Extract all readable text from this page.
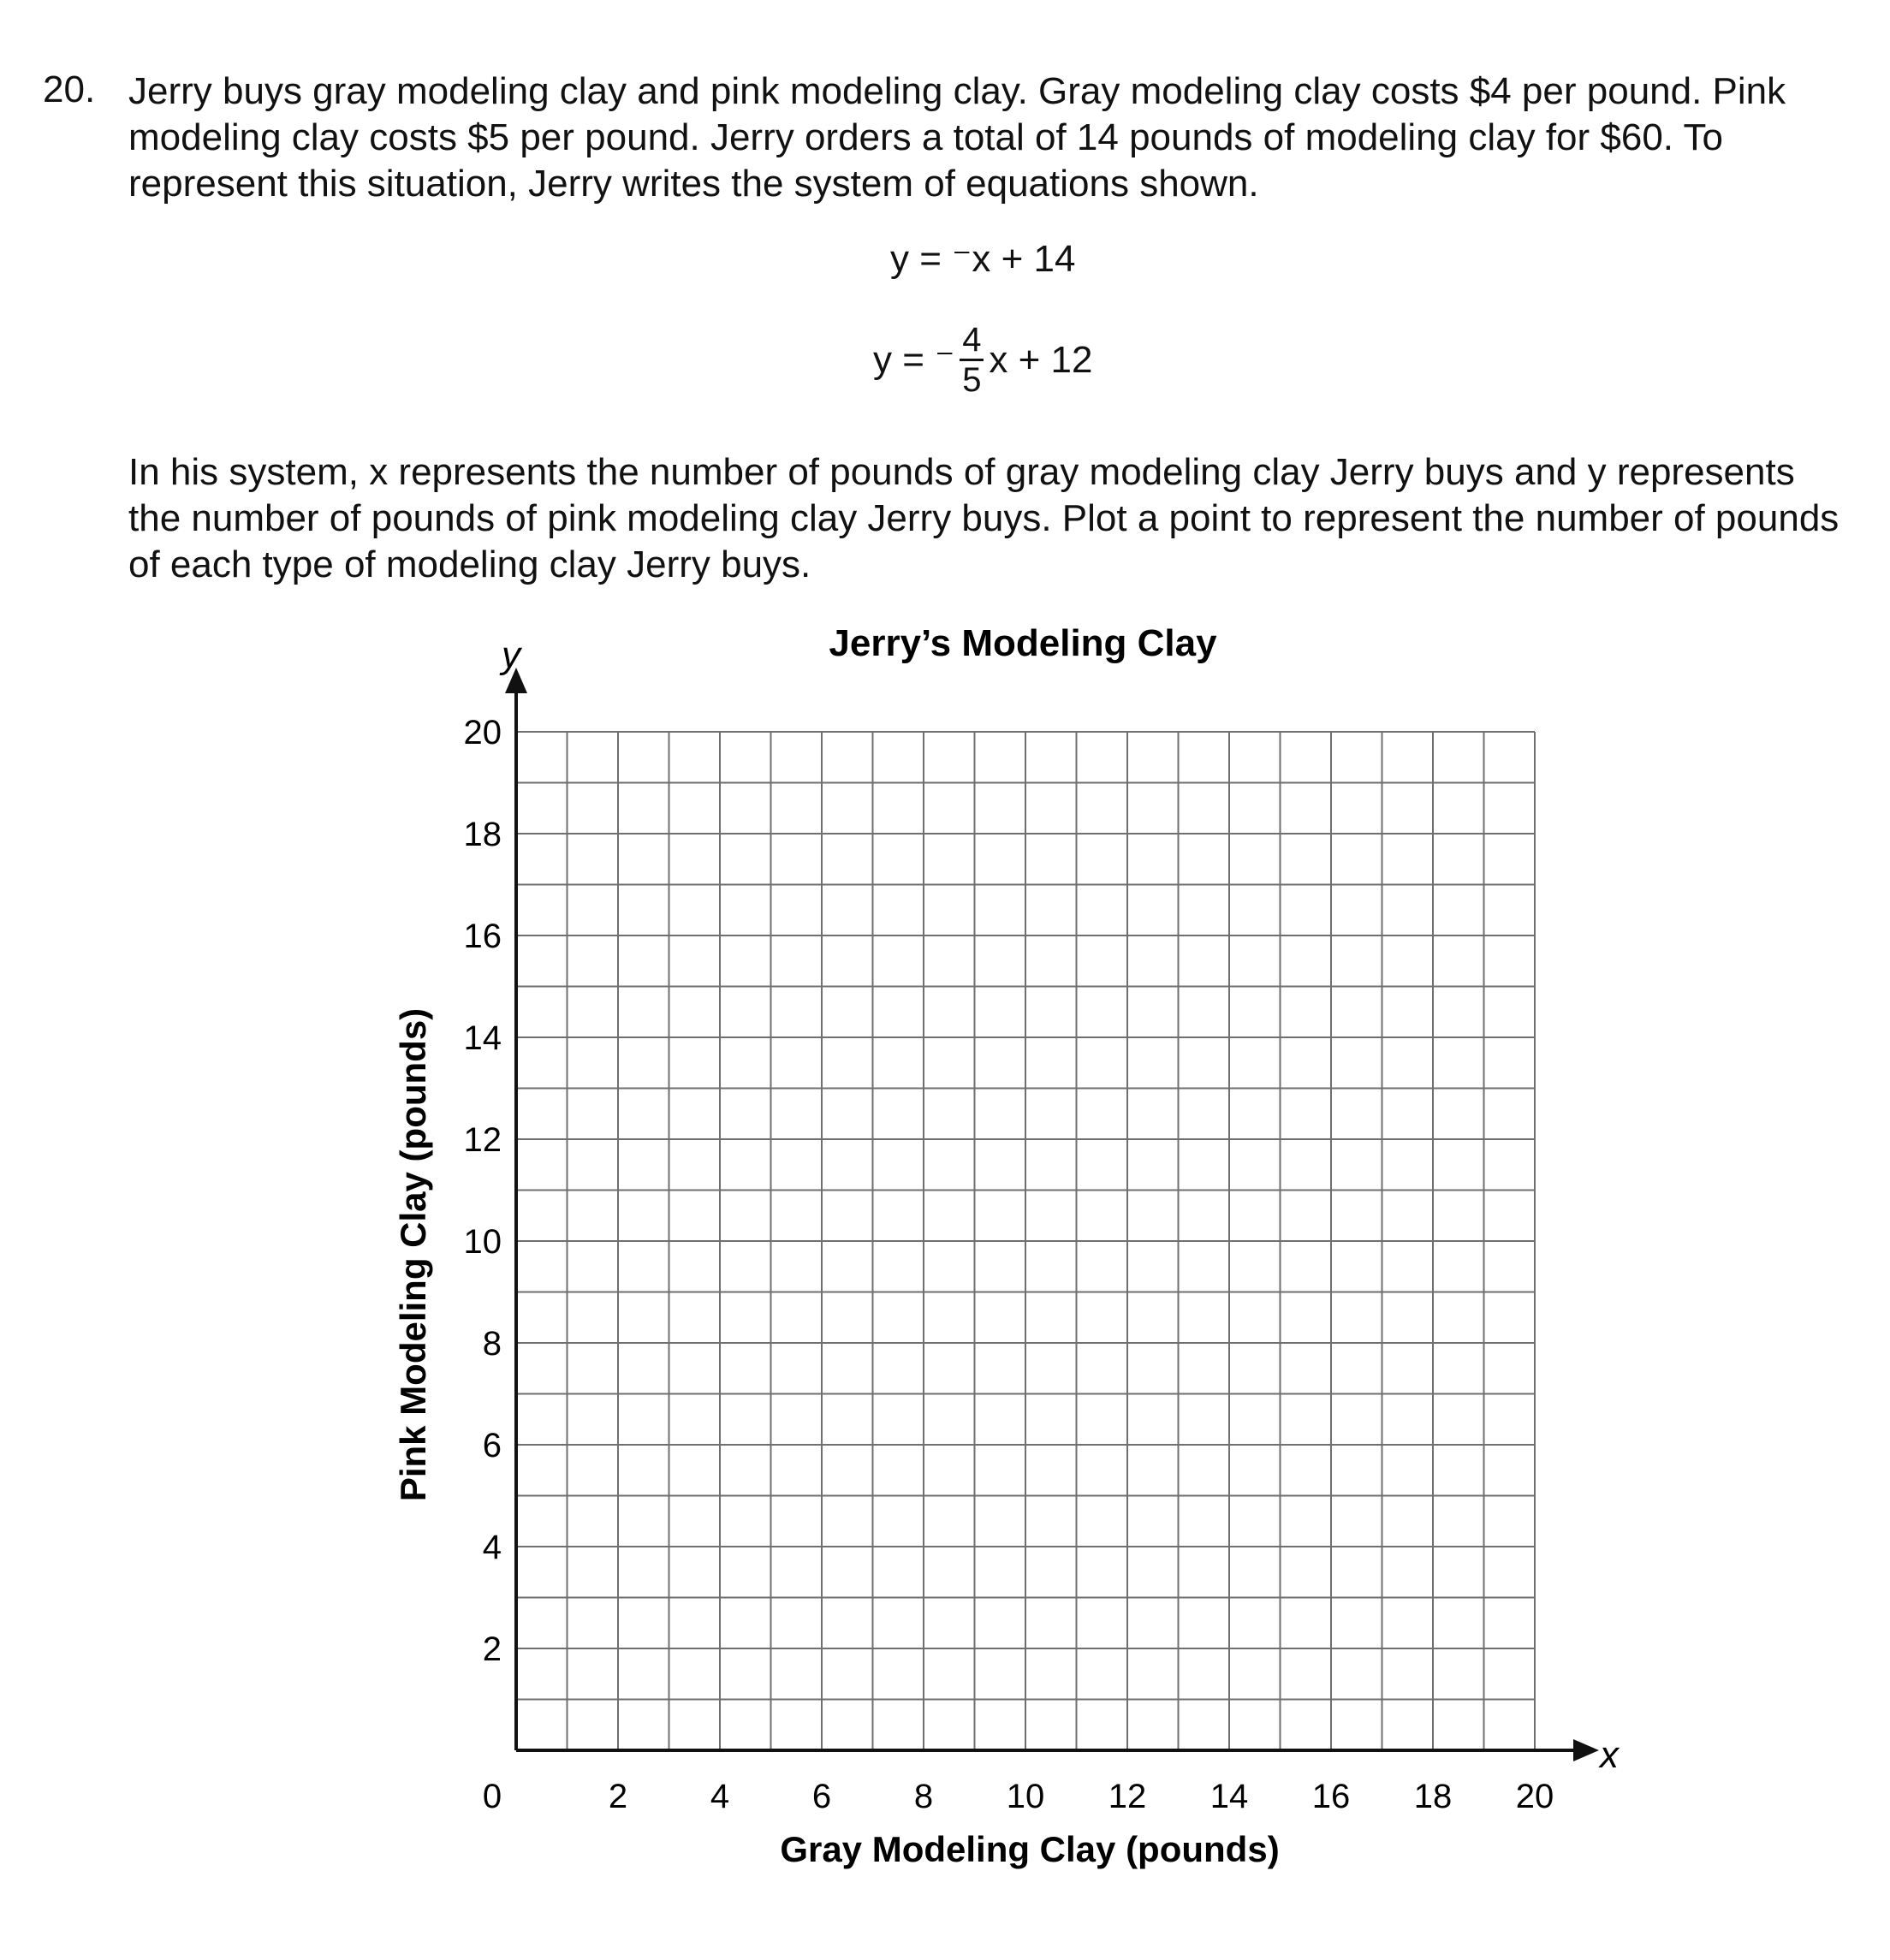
20. Jerry buys gray modeling clay and pink modeling clay. Gray modeling clay costs $4 per pound. Pink modeling clay costs $5 per pound. Jerry orders a total of 14 pounds of modeling clay for $60. To represent this situation, Jerry writes the system of equations shown.
y = ⁻x + 14
y = ⁻ $\frac{4}{5}$ x + 12
In his system, x represents the number of pounds of gray modeling clay Jerry buys and y represents the number of pounds of pink modeling clay Jerry buys. Plot a point to represent the number of pounds of each type of modeling clay Jerry buys.
Jerry’s Modeling Clay
2 4 6 8 10 12 14 16 18 20
2
4
6
8
10
12
14
16
18
20
Gray Modeling Clay (pounds)
Pink Modeling Clay (pounds)
y
x
0
